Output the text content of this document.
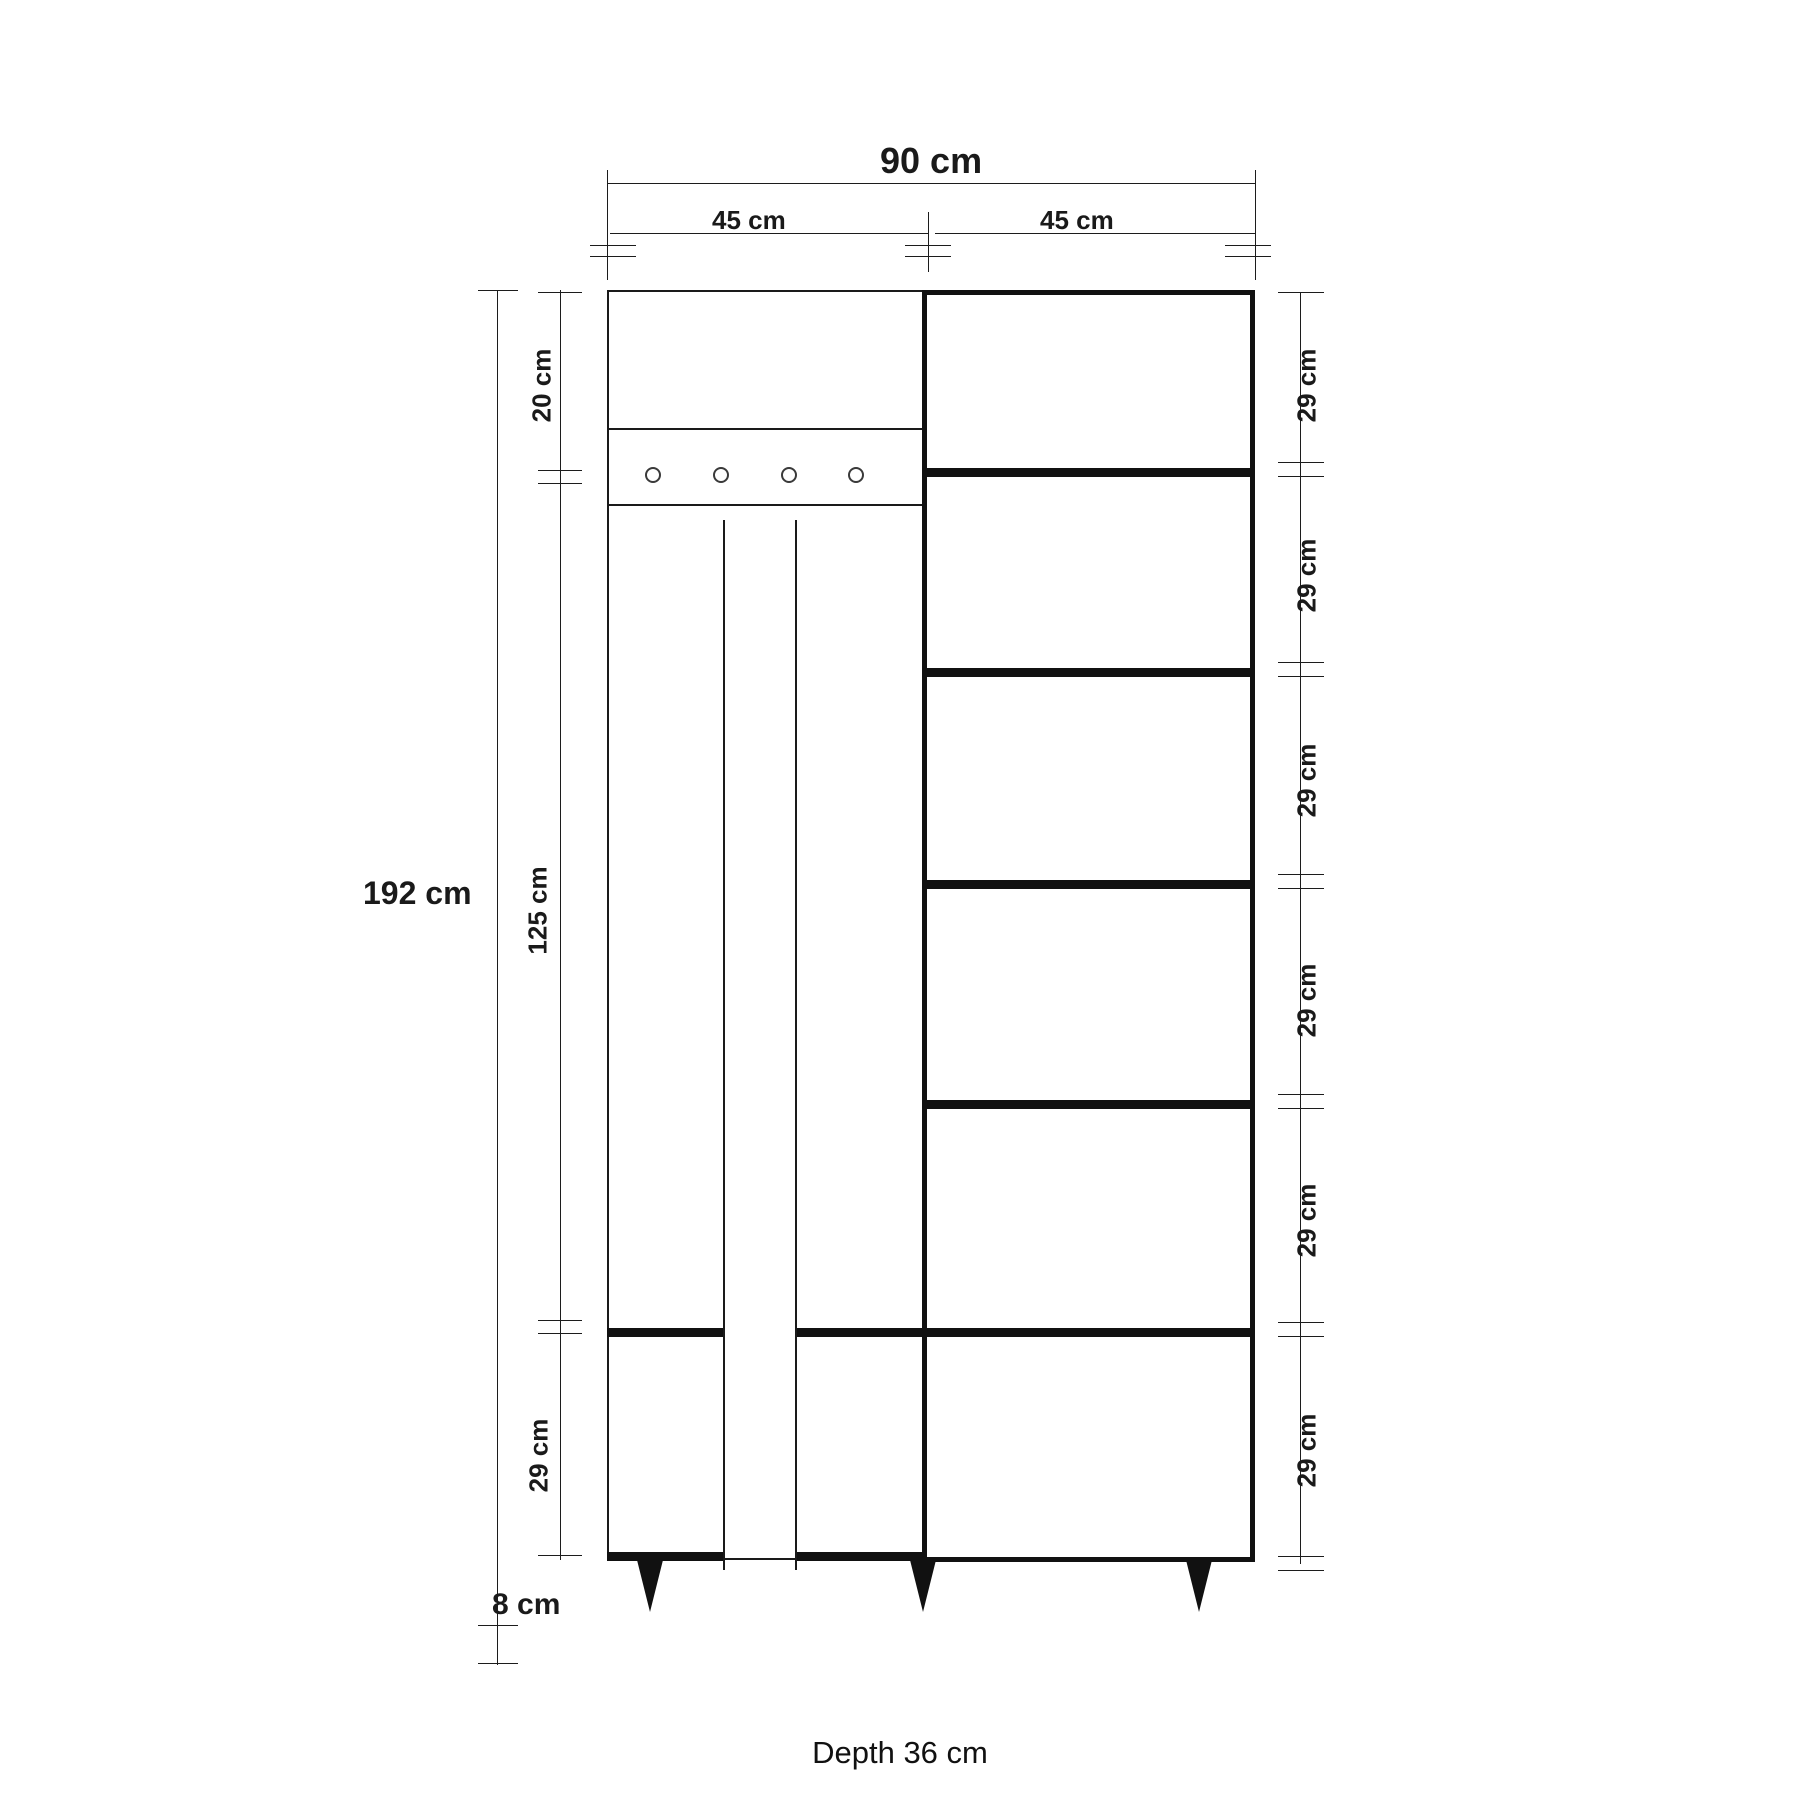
90 cm
45 cm	45 cm
192 cm
20 cm
125 cm
29 cm
8 cm
29 cm
29 cm
29 cm
29 cm
29 cm
29 cm

Depth 36 cm
